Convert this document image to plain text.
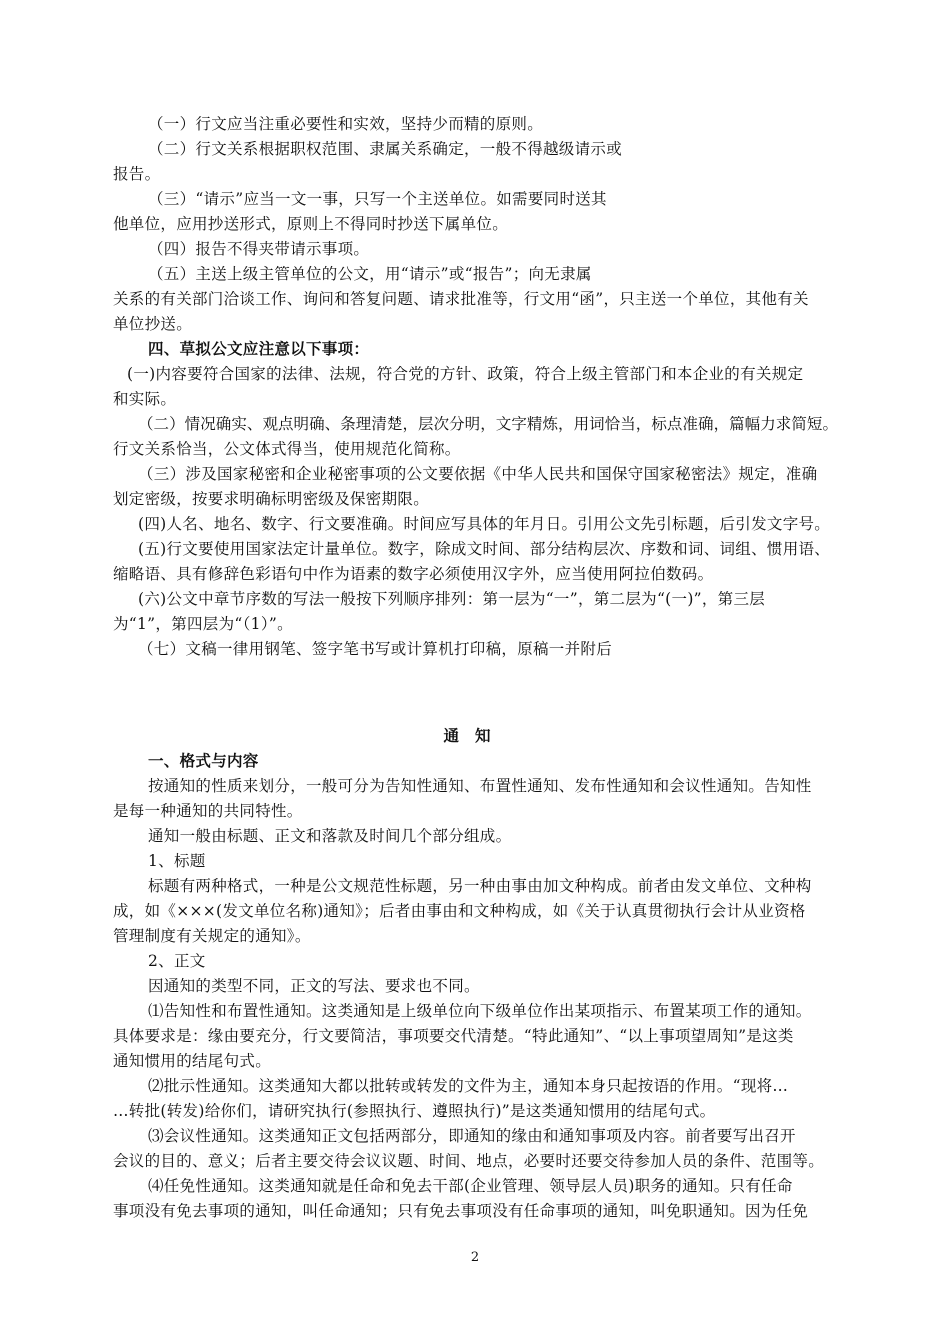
（一）行文应当注重必要性和实效，坚持少而精的原则。
（二）行文关系根据职权范围、隶属关系确定，一般不得越级请示或
报告。
（三）“请示”应当一文一事，只写一个主送单位。如需要同时送其
他单位，应用抄送形式，原则上不得同时抄送下属单位。
（四）报告不得夹带请示事项。
（五）主送上级主管单位的公文，用“请示”或“报告”；向无隶属
关系的有关部门洽谈工作、询问和答复问题、请求批准等，行文用“函”，只主送一个单位，其他有关
单位抄送。
四、草拟公文应注意以下事项：
(一)内容要符合国家的法律、法规，符合党的方针、政策，符合上级主管部门和本企业的有关规定
和实际。
（二）情况确实、观点明确、条理清楚，层次分明，文字精炼，用词恰当，标点准确，篇幅力求简短。
行文关系恰当，公文体式得当，使用规范化简称。
（三）涉及国家秘密和企业秘密事项的公文要依据《中华人民共和国保守国家秘密法》规定，准确
划定密级，按要求明确标明密级及保密期限。
(四)人名、地名、数字、行文要准确。时间应写具体的年月日。引用公文先引标题，后引发文字号。
(五)行文要使用国家法定计量单位。数字，除成文时间、部分结构层次、序数和词、词组、惯用语、
缩略语、具有修辞色彩语句中作为语素的数字必须使用汉字外，应当使用阿拉伯数码。
(六)公文中章节序数的写法一般按下列顺序排列：第一层为“一”，第二层为“(一)”，第三层
为“1”，第四层为“（1）”。
（七）文稿一律用钢笔、签字笔书写或计算机打印稿，原稿一并附后
通知
一、格式与内容
按通知的性质来划分，一般可分为告知性通知、布置性通知、发布性通知和会议性通知。告知性
是每一种通知的共同特性。
通知一般由标题、正文和落款及时间几个部分组成。
1、标题
标题有两种格式，一种是公文规范性标题，另一种由事由加文种构成。前者由发文单位、文种构
成，如《×××(发文单位名称)通知》；后者由事由和文种构成，如《关于认真贯彻执行会计从业资格
管理制度有关规定的通知》。
2、正文
因通知的类型不同，正文的写法、要求也不同。
⑴告知性和布置性通知。这类通知是上级单位向下级单位作出某项指示、布置某项工作的通知。
具体要求是：缘由要充分，行文要简洁，事项要交代清楚。“特此通知”、“以上事项望周知”是这类
通知惯用的结尾句式。
⑵批示性通知。这类通知大都以批转或转发的文件为主，通知本身只起按语的作用。“现将…
…转批(转发)给你们，请研究执行(参照执行、遵照执行)”是这类通知惯用的结尾句式。
⑶会议性通知。这类通知正文包括两部分，即通知的缘由和通知事项及内容。前者要写出召开
会议的目的、意义；后者主要交待会议议题、时间、地点，必要时还要交待参加人员的条件、范围等。
⑷任免性通知。这类通知就是任命和免去干部(企业管理、领导层人员)职务的通知。只有任命
事项没有免去事项的通知，叫任命通知；只有免去事项没有任命事项的通知，叫免职通知。因为任免
2
